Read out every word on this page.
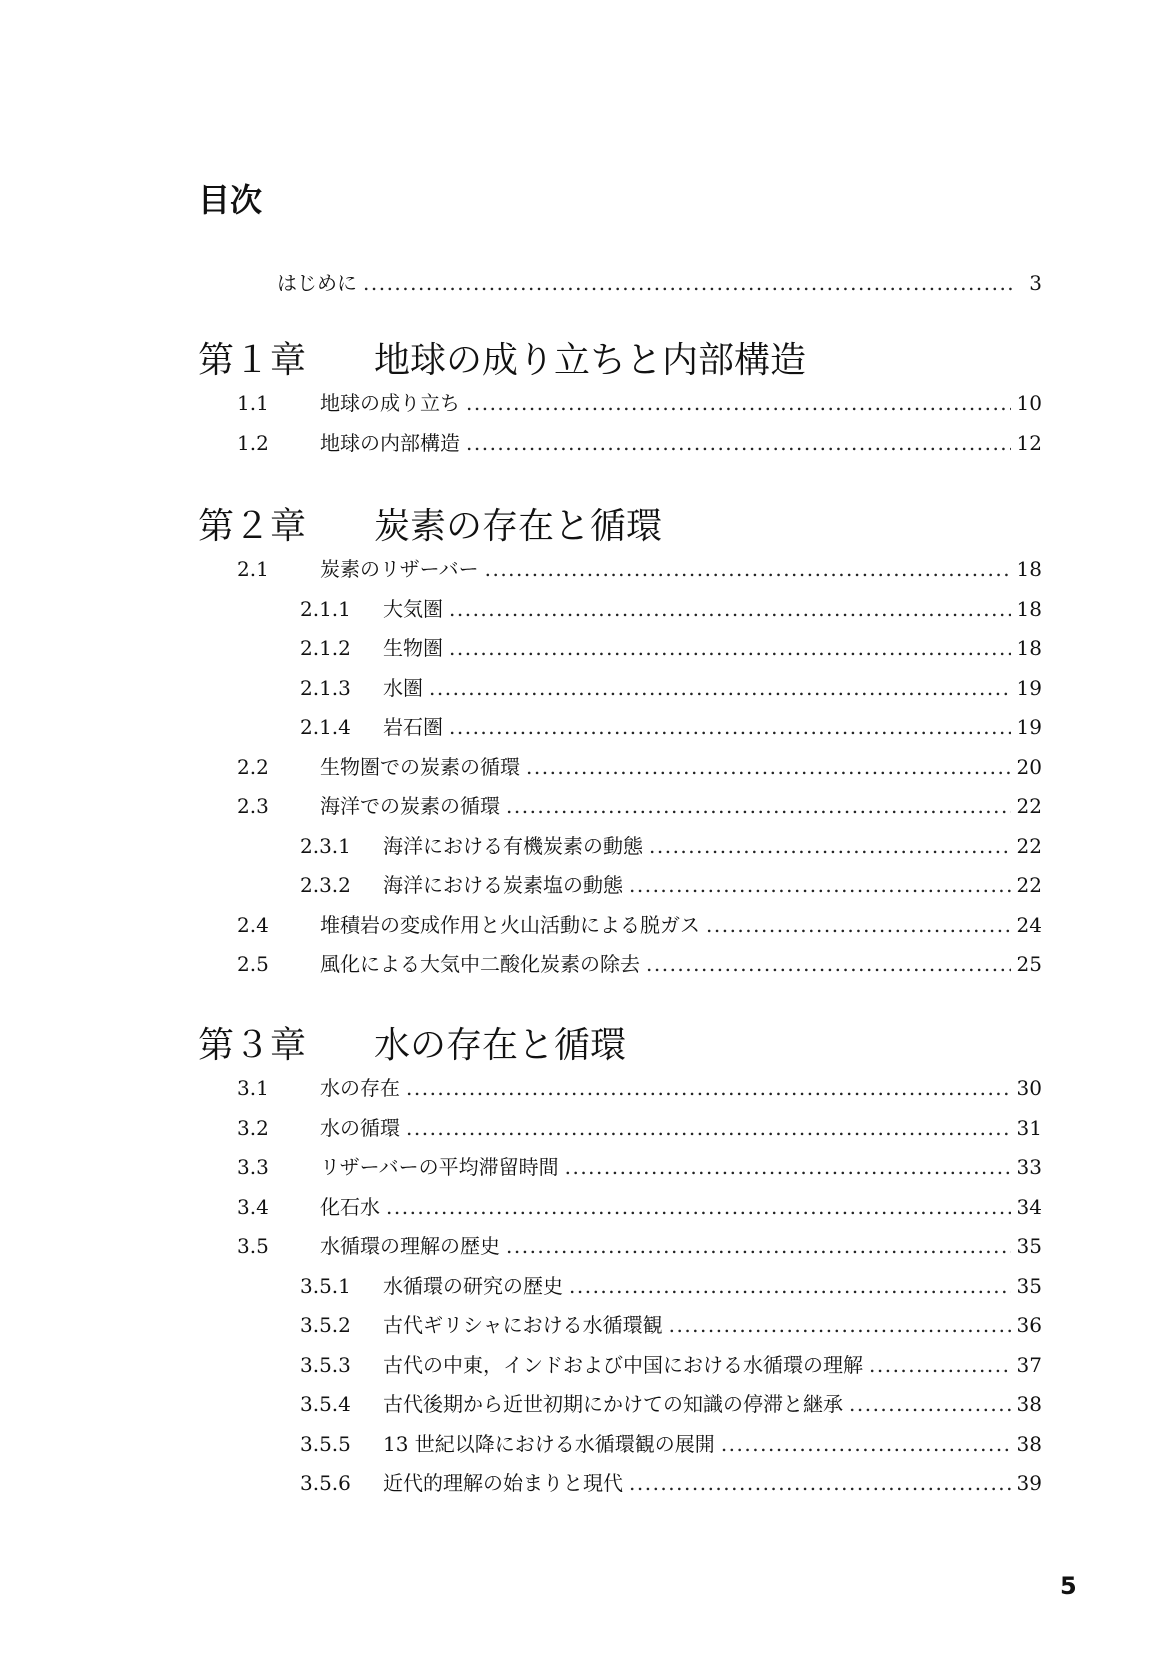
目次
はじめに .....	3
第１章 地球の成り立ちと内部構造
1.1	地球の成り立ち .....	10
1.2	地球の内部構造 .....	12
第２章 炭素の存在と循環
2.1	炭素のリザーバー .....	18
2.1.1	大気圏 .....	18
2.1.2	生物圏 .....	18
2.1.3	水圏 .....	19
2.1.4	岩石圏 .....	19
2.2	生物圏での炭素の循環 .....	20
2.3	海洋での炭素の循環 .....	22
2.3.1	海洋における有機炭素の動態 .....	22
2.3.2	海洋における炭素塩の動態 .....	22
2.4	堆積岩の変成作用と火山活動による脱ガス .....	24
2.5	風化による大気中二酸化炭素の除去 .....	25
第３章 水の存在と循環
3.1	水の存在 .....	30
3.2	水の循環 .....	31
3.3	リザーバーの平均滞留時間 .....	33
3.4	化石水 .....	34
3.5	水循環の理解の歴史 .....	35
3.5.1	水循環の研究の歴史 .....	35
3.5.2	古代ギリシャにおける水循環観 .....	36
3.5.3	古代の中東，インドおよび中国における水循環の理解 .....	37
3.5.4	古代後期から近世初期にかけての知識の停滞と継承 .....	38
3.5.5	13 世紀以降における水循環観の展開 .....	38
3.5.6	近代的理解の始まりと現代 .....	39
5
